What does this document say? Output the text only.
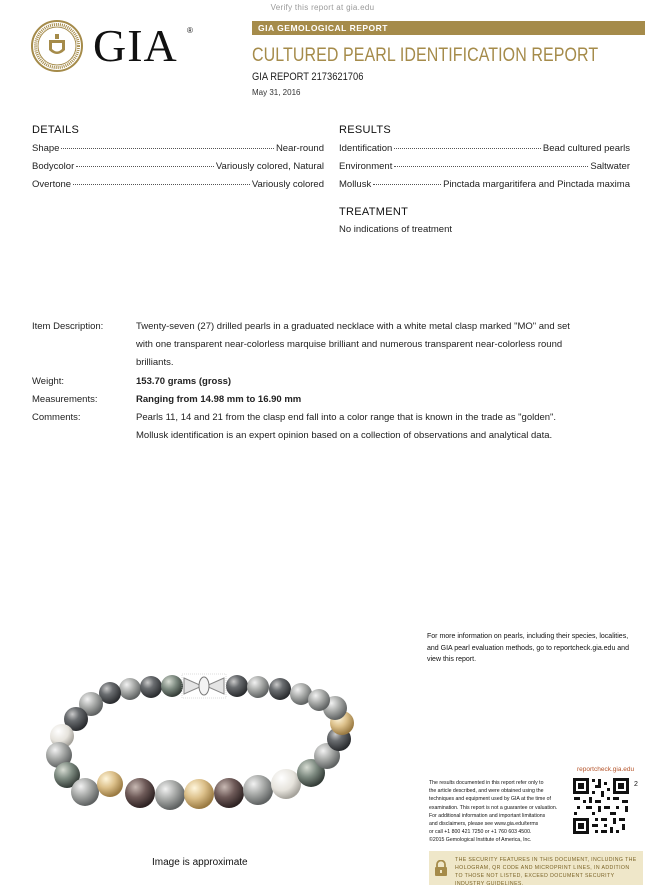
Verify this report at gia.edu
GIA ®	GIA GEMOLOGICAL REPORT
CULTURED PEARL IDENTIFICATION REPORT
GIA REPORT 2173621706
May 31, 2016
DETAILS
Shape	Near-round
Bodycolor	Variously colored, Natural
Overtone	Variously colored
RESULTS
Identification	Bead cultured pearls
Environment	Saltwater
Mollusk	Pinctada margaritifera and Pinctada maxima
TREATMENT
No indications of treatment
Item Description:	Twenty-seven (27) drilled pearls in a graduated necklace with a white metal clasp marked "MO" and set
with one transparent near-colorless marquise brilliant and numerous transparent near-colorless round
brilliants.
Weight:	153.70 grams (gross)
Measurements:	Ranging from 14.98 mm to 16.90 mm
Comments:	Pearls 11, 14 and 21 from the clasp end fall into a color range that is known in the trade as "golden".
Mollusk identification is an expert opinion based on a collection of observations and analytical data.
For more information on pearls, including their species, localities,
and GIA pearl evaluation methods, go to reportcheck.gia.edu and
view this report.
Image is approximate
reportcheck.gia.edu
2
The results documented in this report refer only to
the article described, and were obtained using the
techniques and equipment used by GIA at the time of
examination. This report is not a guarantee or valuation.
For additional information and important limitations
and disclaimers, please see www.gia.edu/terms
or call +1 800 421 7250 or +1 760 603 4500.
©2015 Gemological Institute of America, Inc.
THE SECURITY FEATURES IN THIS DOCUMENT, INCLUDING THE HOLOGRAM, QR CODE AND MICROPRINT LINES, IN ADDITION TO THOSE NOT LISTED, EXCEED DOCUMENT SECURITY INDUSTRY GUIDELINES.
